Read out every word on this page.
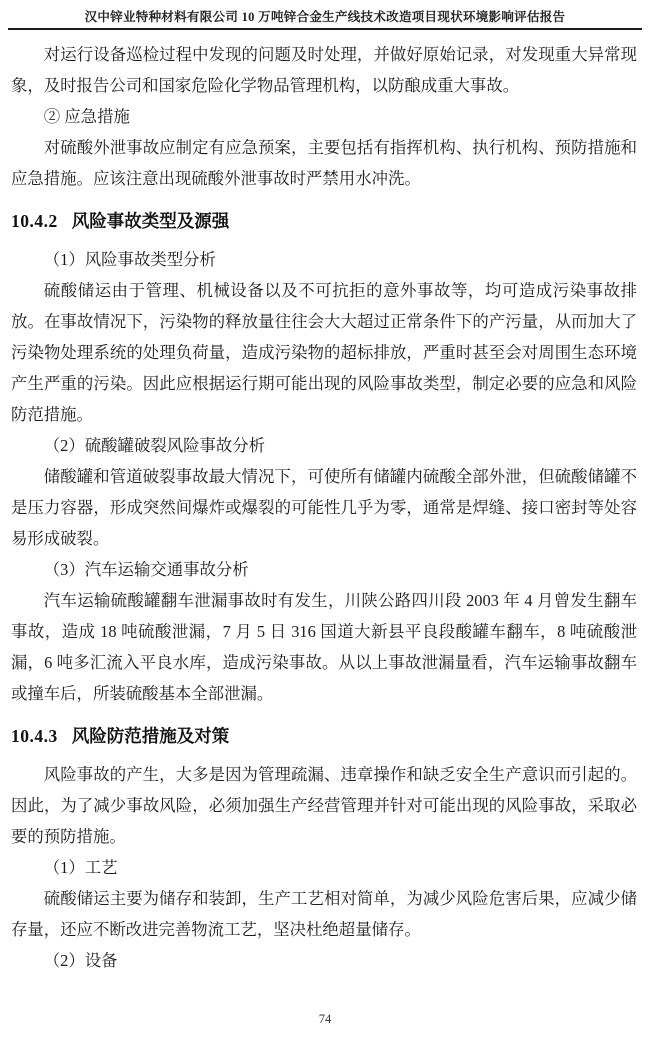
汉中锌业特种材料有限公司 10 万吨锌合金生产线技术改造项目现状环境影响评估报告

对运行设备巡检过程中发现的问题及时处理，并做好原始记录，对发现重大异常现象，及时报告公司和国家危险化学物品管理机构，以防酿成重大事故。

② 应急措施

对硫酸外泄事故应制定有应急预案，主要包括有指挥机构、执行机构、预防措施和应急措施。应该注意出现硫酸外泄事故时严禁用水冲洗。

10.4.2 风险事故类型及源强

（1）风险事故类型分析

硫酸储运由于管理、机械设备以及不可抗拒的意外事故等，均可造成污染事故排放。在事故情况下，污染物的释放量往往会大大超过正常条件下的产污量，从而加大了污染物处理系统的处理负荷量，造成污染物的超标排放，严重时甚至会对周围生态环境产生严重的污染。因此应根据运行期可能出现的风险事故类型，制定必要的应急和风险防范措施。

（2）硫酸罐破裂风险事故分析

储酸罐和管道破裂事故最大情况下，可使所有储罐内硫酸全部外泄，但硫酸储罐不是压力容器，形成突然间爆炸或爆裂的可能性几乎为零，通常是焊缝、接口密封等处容易形成破裂。

（3）汽车运输交通事故分析

汽车运输硫酸罐翻车泄漏事故时有发生，川陕公路四川段 2003 年 4 月曾发生翻车事故，造成 18 吨硫酸泄漏，7 月 5 日 316 国道大新县平良段酸罐车翻车，8 吨硫酸泄漏，6 吨多汇流入平良水库，造成污染事故。从以上事故泄漏量看，汽车运输事故翻车或撞车后，所装硫酸基本全部泄漏。

10.4.3 风险防范措施及对策

风险事故的产生，大多是因为管理疏漏、违章操作和缺乏安全生产意识而引起的。因此，为了减少事故风险，必须加强生产经营管理并针对可能出现的风险事故，采取必要的预防措施。

（1）工艺

硫酸储运主要为储存和装卸，生产工艺相对简单，为减少风险危害后果，应减少储存量，还应不断改进完善物流工艺，坚决杜绝超量储存。

（2）设备

74
